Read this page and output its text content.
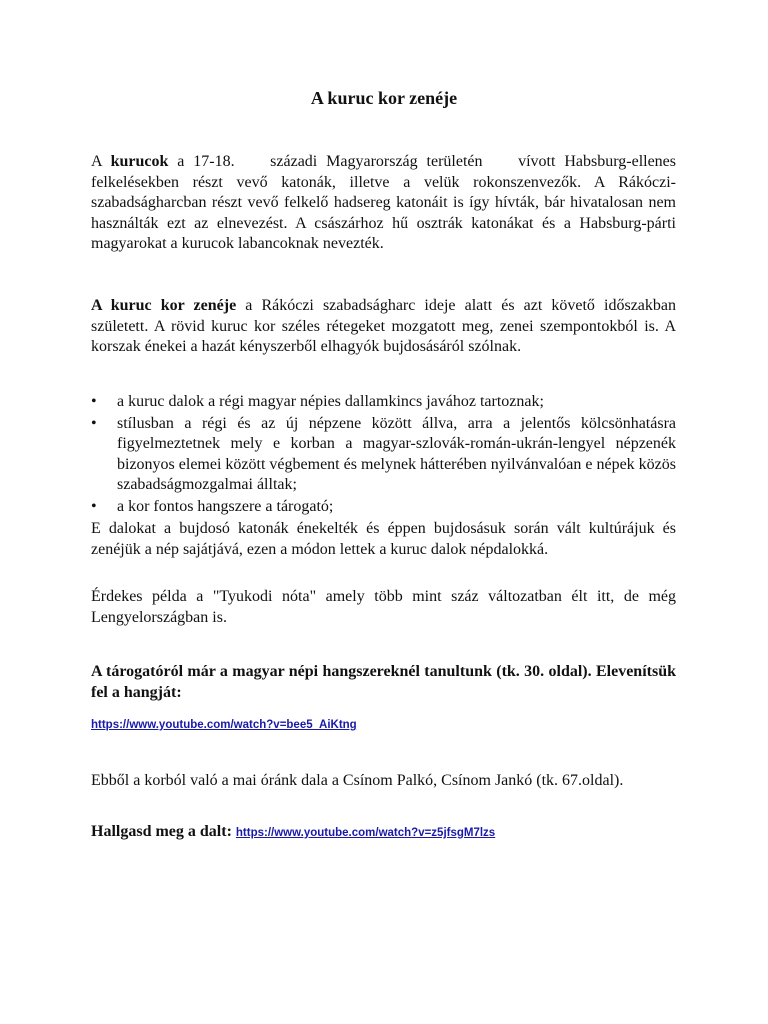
A kuruc kor zenéje

A kurucok a 17-18.    századi Magyarország területén    vívott Habsburg-ellenes felkelésekben részt vevő katonák, illetve a velük rokonszenvezők. A Rákóczi-szabadságharcban részt vevő felkelő hadsereg katonáit is így hívták, bár hivatalosan nem használták ezt az elnevezést. A császárhoz hű osztrák katonákat és a Habsburg-párti magyarokat a kurucok labancoknak nevezték.

A kuruc kor zenéje a Rákóczi szabadságharc ideje alatt és azt követő időszakban született. A rövid kuruc kor széles rétegeket mozgatott meg, zenei szempontokból is. A korszak énekei a hazát kényszerből elhagyók bujdosásáról szólnak.

• a kuruc dalok a régi magyar népies dallamkincs javához tartoznak;
• stílusban a régi és az új népzene között állva, arra a jelentős kölcsönhatásra figyelmeztetnek mely e korban a magyar-szlovák-román-ukrán-lengyel népzenék bizonyos elemei között végbement és melynek hátterében nyilvánvalóan e népek közös szabadságmozgalmai álltak;
• a kor fontos hangszere a tárogató;

E dalokat a bujdosó katonák énekelték és éppen bujdosásuk során vált kultúrájuk és zenéjük a nép sajátjává, ezen a módon lettek a kuruc dalok népdalokká.

Érdekes példa a "Tyukodi nóta" amely több mint száz változatban élt itt, de még Lengyelországban is.

A tárogatóról már a magyar népi hangszereknél tanultunk (tk. 30. oldal). Elevenítsük fel a hangját:

https://www.youtube.com/watch?v=bee5_AiKtng

Ebből a korból való a mai óránk dala a Csínom Palkó, Csínom Jankó (tk. 67.oldal).

Hallgasd meg a dalt: https://www.youtube.com/watch?v=z5jfsgM7lzs
